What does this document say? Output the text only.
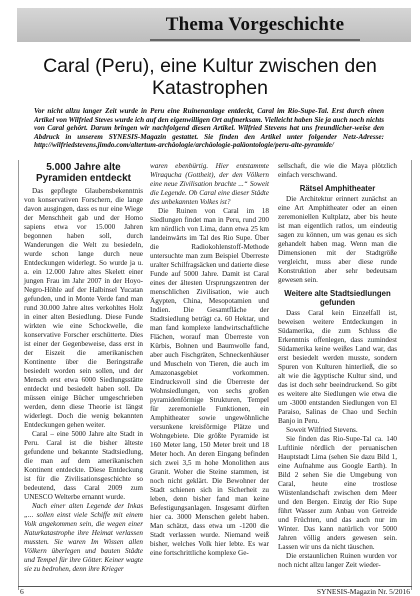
Thema Vorgeschichte
Caral (Peru), eine Kultur zwischen den Katastrophen
Vor nicht allzu langer Zeit wurde in Peru eine Ruinenanlage entdeckt, Caral im Rio-Supe-Tal. Erst durch einen Artikel von Wilfried Steves wurde ich auf den eigenwilligen Ort aufmerksam. Vielleicht haben Sie ja auch noch nichts von Caral gehört. Darum bringen wir nachfolgend diesen Artikel. Wilfried Stevens hat uns freundlicher-weise den Abdruck in unserem SYNESIS-Magazin gestattet. Sie finden den Artikel unter folgender Netz-Adresse: http://wilfriedstevens.jimdo.com/altertum-archäologie/archäologie-paläontologie/peru-alte-pyramide/
5.000 Jahre alte Pyramiden entdeckt

Das gepflegte Glaubensbekenntnis von konservativen Forschern, die lange davon ausgingen, dass es nur eine Wiege der Menschheit gab und der Homo sapiens etwa vor 15.000 Jahren begonnen haben soll, durch Wanderungen die Welt zu besiedeln, wurde schon lange durch neue Entdeckungen widerlegt. So wurde ja u. a. ein 12.000 Jahre altes Skelett einer jungen Frau im Jahr 2007 in der Hoyo-Negro-Höhle auf der Halbinsel Yucatan gefunden, und in Monte Verde fand man rund 30.000 Jahre altes verkohltes Holz in einer alten Besiedlung. Diese Funde wirkten wie eine Schockwelle, die konservative Forscher erschütterte. Dies ist einer der Gegenbeweise, dass erst in der Eiszeit die amerikanischen Kontinente über die Beringstraße besiedelt worden sein sollen, und der Mensch erst etwa 6000 Siedlungsstätte entdeckt und besiedelt haben soll. Da müssen einige Bücher umgeschrieben werden, denn diese Theorie ist längst widerlegt. Doch die wenig bekannten Entdeckungen gehen weiter.

Caral – eine 5000 Jahre alte Stadt in Peru. Caral ist die bisher älteste gefundene und bekannte Stadtsiedlung, die man auf dem amerikanischen Kontinent entdeckte. Diese Entdeckung ist für die Zivilisationsgeschichte so bedeutend, dass Caral 2009 zum UNESCO Welterbe ernannt wurde.

Nach einer alten Legende der Inkas „... sollen einst viele Schiffe mit einem Volk angekommen sein, die wegen einer Naturkatastrophe ihre Heimat verlassen mussten. Sie waren Im Wissen allen Völkern überlegen und bauten Städte und Tempel für ihre Götter. Keiner wagte sie zu bedrohen, denn ihre Krieger

waren ebenbürtig. Hier entstammte Wiraqucha (Gottheit), der den Völkern eine neue Zivilisation brachte ...“ Soweit die Legende. Ob Caral eine dieser Städte des unbekannten Volkes ist?

Die Ruinen von Caral im 18 Siedlungen findet man in Peru, rund 200 km nördlich von Lima, dann etwa 25 km landeinwärts im Tal des Rio Supe. Über die Radiokohlenstoff-Methode untersuchte man zum Beispiel Überreste uralter Schilfragsäcken und datierte diese Funde auf 5000 Jahre. Damit ist Caral eines der ältesten Ursprungszentren der menschlichen Zivilisation, wie auch Ägypten, China, Mesopotamien und Indien. Die Gesamtfläche der Stadtsiedlung beträgt ca. 60 Hektar, und man fand komplexe landwirtschaftliche Flächen, worauf man Überreste von Kürbis, Bohnen und Baumwolle fand, aber auch Fischgräten, Schneckenhäuser und Muscheln von Tieren, die auch im Amazonasgebiet vorkommen. Eindrucksvoll sind die Überreste der Wohnsiedlungen, von sechs großen pyramidenförmige Strukturen, Tempel für zeremonielle Funktionen, ein Amphitheater sowie ungewöhnliche versunkene kreisförmige Plätze und Wohngebiete. Die größte Pyramide ist 160 Meter lang, 150 Meter breit und 18 Meter hoch. An deren Eingang befinden sich zwei 3,5 m hohe Monolithen aus Granit. Woher die Steine stammen, ist noch nicht geklärt. Die Bewohner der Stadt schienen sich in Sicherheit zu leben, denn bisher fand man keine Befestigungsanlagen. Insgesamt dürften hier ca. 3000 Menschen gelebt haben. Man schätzt, dass etwa um -1200 die Stadt verlassen wurde. Niemand weiß bisher, welches Volk hier lebte. Es war eine fortschrittliche komplexe Ge-

sellschaft, die wie die Maya plötzlich einfach verschwand.

Rätsel Amphitheater

Die Architektur erinnert zunächst an eine Art Amphitheater oder an einen zeremoniellen Kultplatz, aber bis heute ist man eigentlich ratlos, um eindeutig sagen zu können, um was genau es sich gehandelt haben mag. Wenn man die Dimensionen mit der Stadtgröße vergleicht, muss aber diese runde Konstruktion aber sehr bedeutsam gewesen sein.

Weitere alte Stadtsiedlungen gefunden

Dass Caral kein Einzelfall ist, beweisen weitere Entdeckungen in Südamerika, die zum Schluss die Erkenntnis offenlegen, dass zumindest Südamerika keine weißes Land war, das erst besiedelt werden musste, sondern Spuren von Kulturen hinterließ, die so alt wie die ägyptische Kultur sind, und das ist doch sehr beeindruckend. So gibt es weitere alte Siedlungen wie etwa die um -3000 entstanden Siedlungen von El Paraiso, Salinas de Chao und Sechín Banjo in Peru.

Soweit Wilfried Stevens.

Sie finden das Rio-Supe-Tal ca. 140 Luftlinie nördlich der peruanischen Hauptstadt Lima (sehen Sie dazu Bild 1, eine Aufnahme aus Google Earth). In Bild 2 sehen Sie die Umgebung von Caral, heute eine trostlose Wüstenlandschaft zwischen dem Meer und den Bergen. Einzig der Rio Supe führt Wasser zum Anbau von Getreide und Früchten, und das auch nur im Winter. Das kann natürlich vor 5000 Jahren völlig anders gewesen sein. Lassen wir uns da nicht täuschen.

Die erstaunlichen Ruinen wurden vor noch nicht allzu langer Zeit wieder-

6	SYNESIS-Magazin Nr. 5/2016
